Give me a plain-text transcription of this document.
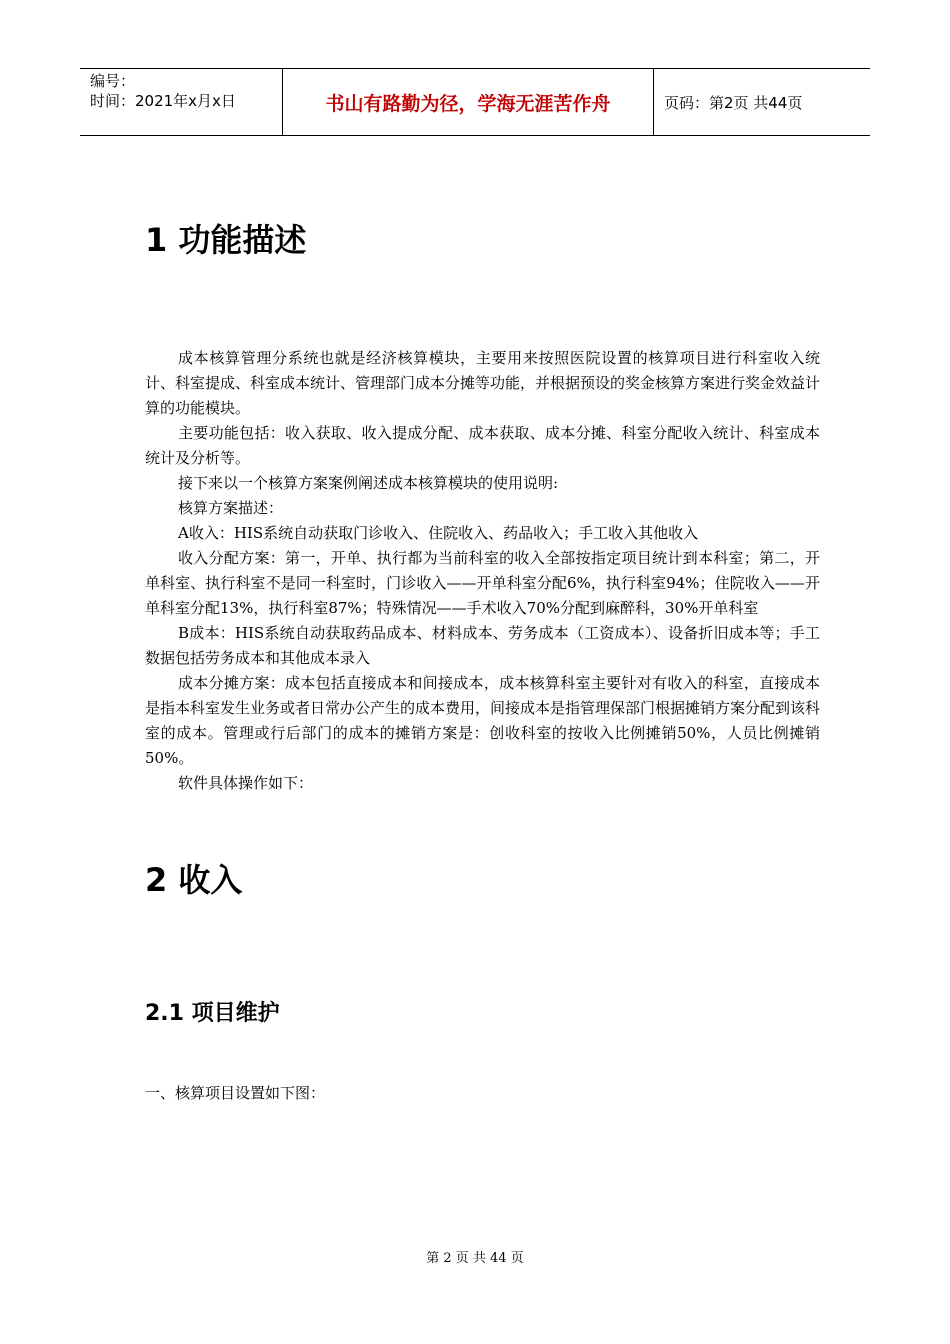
编号：
时间：2021年x月x日	书山有路勤为径，学海无涯苦作舟	页码：第2页 共44页
1 功能描述

成本核算管理分系统也就是经济核算模块，主要用来按照医院设置的核算项目进行科室收入统计、科室提成、科室成本统计、管理部门成本分摊等功能，并根据预设的奖金核算方案进行奖金效益计算的功能模块。

主要功能包括：收入获取、收入提成分配、成本获取、成本分摊、科室分配收入统计、科室成本统计及分析等。

接下来以一个核算方案案例阐述成本核算模块的使用说明:

核算方案描述：

A收入：HIS系统自动获取门诊收入、住院收入、药品收入；手工收入其他收入

收入分配方案：第一，开单、执行都为当前科室的收入全部按指定项目统计到本科室；第二，开单科室、执行科室不是同一科室时，门诊收入——开单科室分配6%，执行科室94%；住院收入——开单科室分配13%，执行科室87%；特殊情况——手术收入70%分配到麻醉科，30%开单科室

B成本：HIS系统自动获取药品成本、材料成本、劳务成本（工资成本）、设备折旧成本等；手工数据包括劳务成本和其他成本录入

成本分摊方案：成本包括直接成本和间接成本，成本核算科室主要针对有收入的科室，直接成本是指本科室发生业务或者日常办公产生的成本费用，间接成本是指管理保部门根据摊销方案分配到该科室的成本。管理或行后部门的成本的摊销方案是：创收科室的按收入比例摊销50%，人员比例摊销50%。

软件具体操作如下：

2 收入
2.1 项目维护

一、核算项目设置如下图：

第 2 页 共 44 页
